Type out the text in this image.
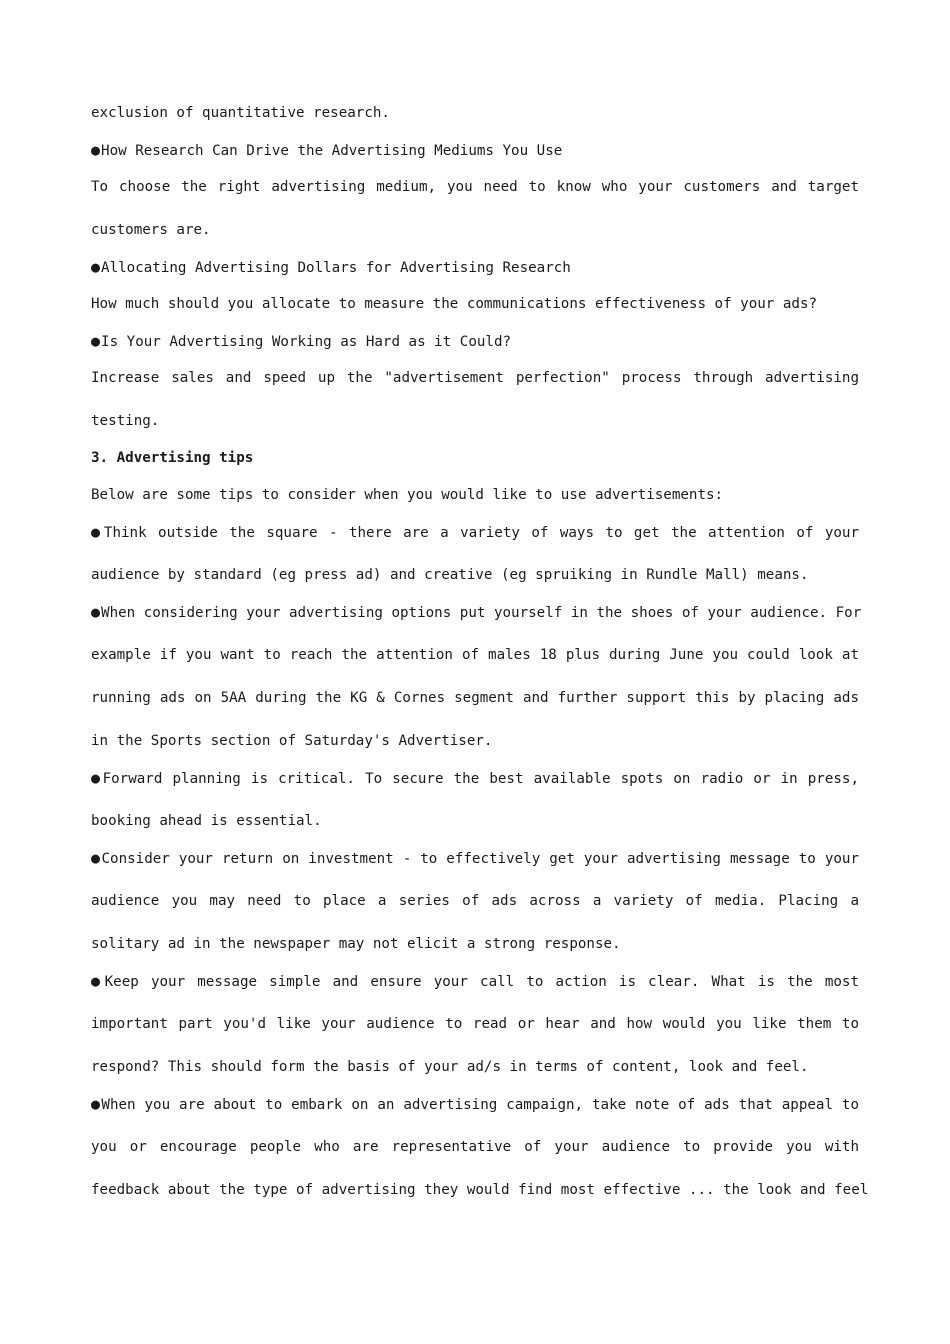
exclusion of quantitative research.
●How Research Can Drive the Advertising Mediums You Use
To choose the right advertising medium, you need to know who your customers and target
customers are.
●Allocating Advertising Dollars for Advertising Research
How much should you allocate to measure the communications effectiveness of your ads?
●Is Your Advertising Working as Hard as it Could?
Increase sales and speed up the "advertisement perfection" process through advertising
testing.
3. Advertising tips
Below are some tips to consider when you would like to use advertisements:
●Think outside the square - there are a variety of ways to get the attention of your
audience by standard (eg press ad) and creative (eg spruiking in Rundle Mall) means.
●When considering your advertising options put yourself in the shoes of your audience. For
example if you want to reach the attention of males 18 plus during June you could look at
running ads on 5AA during the KG & Cornes segment and further support this by placing ads
in the Sports section of Saturday's Advertiser.
●Forward planning is critical. To secure the best available spots on radio or in press,
booking ahead is essential.
●Consider your return on investment - to effectively get your advertising message to your
audience you may need to place a series of ads across a variety of media. Placing a
solitary ad in the newspaper may not elicit a strong response.
●Keep your message simple and ensure your call to action is clear. What is the most
important part you'd like your audience to read or hear and how would you like them to
respond? This should form the basis of your ad/s in terms of content, look and feel.
●When you are about to embark on an advertising campaign, take note of ads that appeal to
you or encourage people who are representative of your audience to provide you with
feedback about the type of advertising they would find most effective ... the look and feel
